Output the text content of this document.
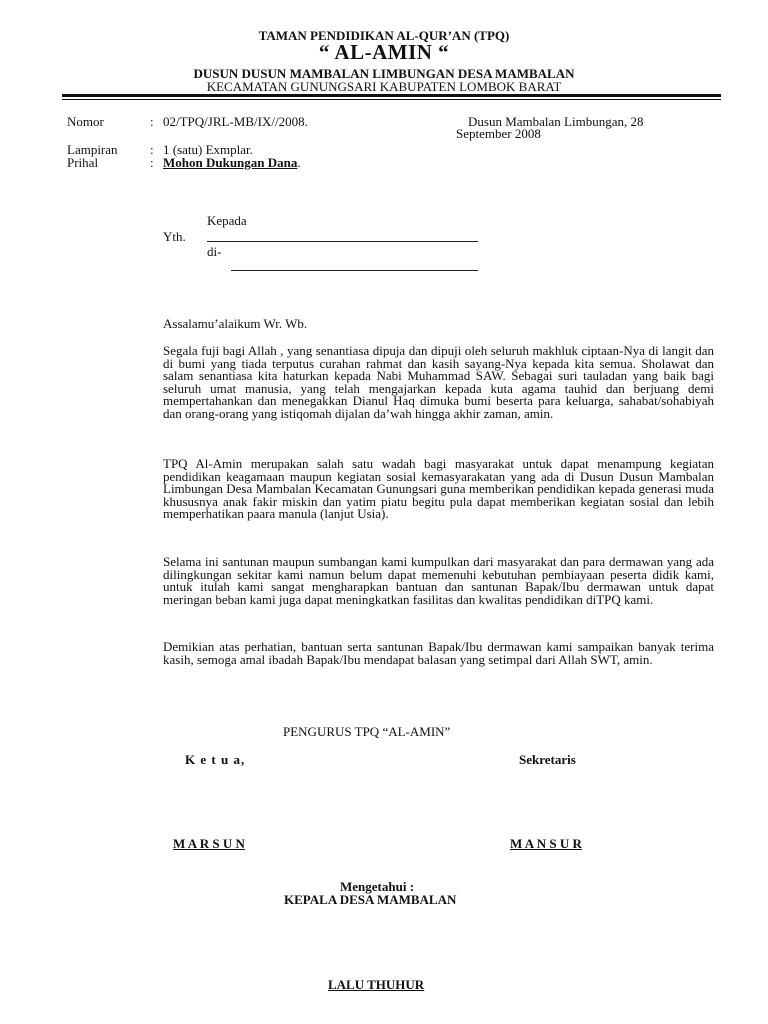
TAMAN PENDIDIKAN AL-QUR’AN (TPQ)
“ AL-AMIN “
DUSUN DUSUN MAMBALAN LIMBUNGAN DESA MAMBALAN
KECAMATAN GUNUNGSARI KABUPATEN LOMBOK BARAT
Nomor	: 02/TPQ/JRL-MB/IX//2008.	Dusun Mambalan Limbungan, 28
September 2008
Lampiran : 1 (satu) Exmplar.
Prihal	: Mohon Dukungan Dana.
Kepada
Yth.
di-
Assalamu’alaikum Wr. Wb.
Segala fuji bagi Allah , yang senantiasa dipuja dan dipuji oleh seluruh makhluk ciptaan-Nya di langit dan di bumi yang tiada terputus curahan rahmat dan kasih sayang-Nya kepada kita semua. Sholawat dan salam senantiasa kita haturkan kepada Nabi Muhammad SAW. Sebagai suri tauladan yang baik bagi seluruh umat manusia, yang telah mengajarkan kepada kuta agama tauhid dan berjuang demi mempertahankan dan menegakkan Dianul Haq dimuka bumi beserta para keluarga, sahabat/sohabiyah dan orang-orang yang istiqomah dijalan da’wah hingga akhir zaman, amin.
TPQ Al-Amin merupakan salah satu wadah bagi masyarakat untuk dapat menampung kegiatan pendidikan keagamaan maupun kegiatan sosial kemasyarakatan yang ada di Dusun Dusun Mambalan Limbungan Desa Mambalan Kecamatan Gunungsari guna memberikan pendidikan kepada generasi muda khususnya anak fakir miskin dan yatim piatu begitu pula dapat memberikan kegiatan sosial dan lebih memperhatikan paara manula (lanjut Usia).
Selama ini santunan maupun sumbangan kami kumpulkan dari masyarakat dan para dermawan yang ada dilingkungan sekitar kami namun belum dapat memenuhi kebutuhan pembiayaan peserta didik kami, untuk itulah kami sangat mengharapkan bantuan dan santunan Bapak/Ibu dermawan untuk dapat meringan beban kami juga dapat meningkatkan fasilitas dan kwalitas pendidikan diTPQ kami.
Demikian atas perhatian, bantuan serta santunan Bapak/Ibu dermawan kami sampaikan banyak terima kasih, semoga amal ibadah Bapak/Ibu mendapat balasan yang setimpal dari Allah SWT, amin.
PENGURUS TPQ “AL-AMIN”
K e t u a,	Sekretaris
M A R S U N	M A N S U R
Mengetahui :
KEPALA DESA MAMBALAN
LALU THUHUR
